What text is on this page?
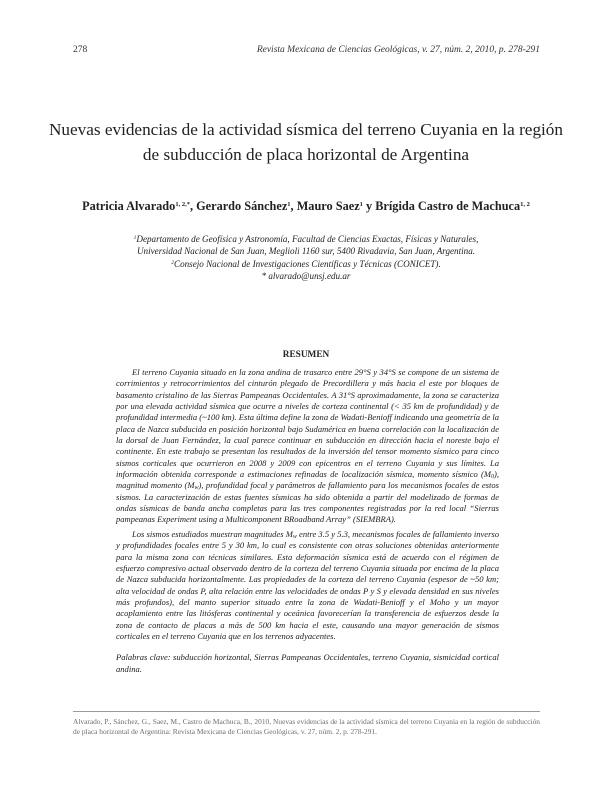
278	Revista Mexicana de Ciencias Geológicas, v. 27, núm. 2, 2010, p. 278-291
Nuevas evidencias de la actividad sísmica del terreno Cuyania en la región
de subducción de placa horizontal de Argentina
Patricia Alvarado$^{1, 2,*}$, Gerardo Sánchez$^1$, Mauro Saez$^1$ y Brígida Castro de Machuca$^{1, 2}$
$^1$Departamento de Geofísica y Astronomía, Facultad de Ciencias Exactas, Físicas y Naturales,
Universidad Nacional de San Juan, Meglioli 1160 sur, 5400 Rivadavia, San Juan, Argentina.
$^2$Consejo Nacional de Investigaciones Científicas y Técnicas (CONICET).
* alvarado@unsj.edu.ar
RESUMEN

El terreno Cuyania situado en la zona andina de trasarco entre 29°S y 34°S se compone de un sistema de corrimientos y retrocorrimientos del cinturón plegado de Precordillera y más hacia el este por bloques de basamento cristalino de las Sierras Pampeanas Occidentales. A 31°S aproximadamente, la zona se caracteriza por una elevada actividad sísmica que ocurre a niveles de corteza continental (< 35 km de profundidad) y de profundidad intermedia (~100 km). Esta última define la zona de Wadati-Benioff indicando una geometría de la placa de Nazca subducida en posición horizontal bajo Sudamérica en buena correlación con la localización de la dorsal de Juan Fernández, la cual parece continuar en subducción en dirección hacia el noreste bajo el continente. En este trabajo se presentan los resultados de la inversión del tensor momento sísmico para cinco sismos corticales que ocurrieron en 2008 y 2009 con epicentros en el terreno Cuyania y sus límites. La información obtenida corresponde a estimaciones refinadas de localización sísmica, momento sísmico $(M_0)$, magnitud momento $(M_w)$, profundidad focal y parámetros de fallamiento para los mecanismos focales de estos sismos. La caracterización de estas fuentes sísmicas ha sido obtenida a partir del modelizado de formas de ondas sísmicas de banda ancha completas para las tres componentes registradas por la red local “Sierras pampeanas Experiment using a Multicomponent BRoadband Array” (SIEMBRA).

Los sismos estudiados muestran magnitudes $M_w$ entre 3.5 y 5.3, mecanismos focales de fallamiento inverso y profundidades focales entre 5 y 30 km, lo cual es consistente con otras soluciones obtenidas anteriormente para la misma zona con técnicas similares. Esta deformación sísmica está de acuerdo con el régimen de esfuerzo compresivo actual observado dentro de la corteza del terreno Cuyania situada por encima de la placa de Nazca subducida horizontalmente. Las propiedades de la corteza del terreno Cuyania (espesor de ~50 km; alta velocidad de ondas P, alta relación entre las velocidades de ondas P y S y elevada densidad en sus niveles más profundos), del manto superior situado entre la zona de Wadati-Benioff y el Moho y un mayor acoplamiento entre las litósferas continental y oceánica favorecerían la transferencia de esfuerzos desde la zona de contacto de placas a más de 500 km hacia el este, causando una mayor generación de sismos corticales en el terreno Cuyania que en los terrenos adyacentes.

Palabras clave: subducción horizontal, Sierras Pampeanas Occidentales, terreno Cuyania, sismicidad cortical andina.

Alvarado, P., Sánchez, G., Saez, M., Castro de Machuca, B., 2010, Nuevas evidencias de la actividad sísmica del terreno Cuyania en la región de subducción de placa horizontal de Argentina: Revista Mexicana de Ciencias Geológicas, v. 27, núm. 2, p. 278-291.
